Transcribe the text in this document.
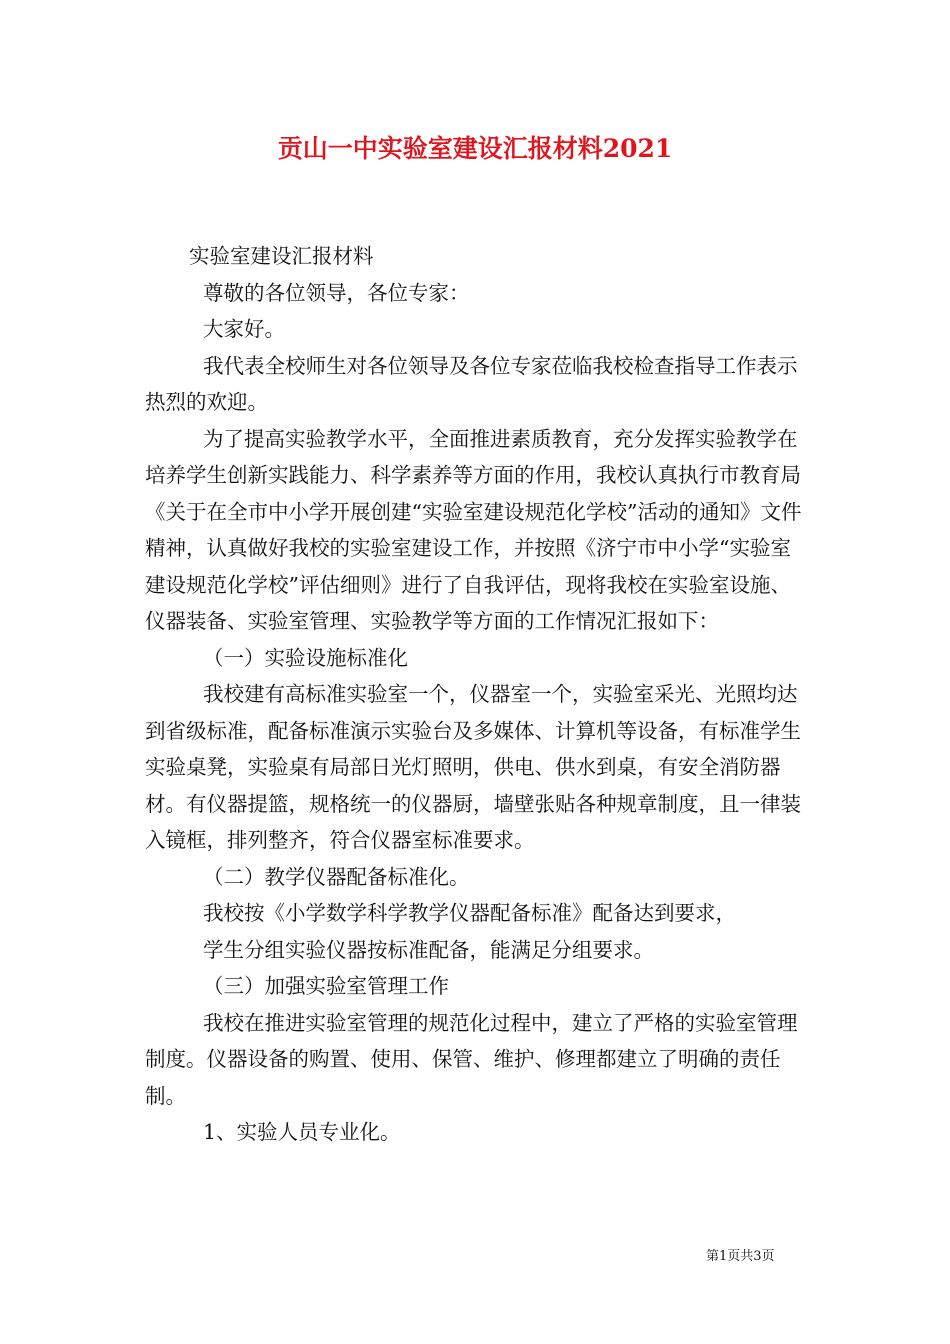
贡山一中实验室建设汇报材料2021

实验室建设汇报材料

尊敬的各位领导，各位专家：

大家好。

我代表全校师生对各位领导及各位专家莅临我校检查指导工作表示热烈的欢迎。

为了提高实验教学水平，全面推进素质教育，充分发挥实验教学在培养学生创新实践能力、科学素养等方面的作用，我校认真执行市教育局《关于在全市中小学开展创建“实验室建设规范化学校”活动的通知》文件精神，认真做好我校的实验室建设工作，并按照《济宁市中小学“实验室建设规范化学校”评估细则》进行了自我评估，现将我校在实验室设施、仪器装备、实验室管理、实验教学等方面的工作情况汇报如下：

（一）实验设施标准化

我校建有高标准实验室一个，仪器室一个，实验室采光、光照均达到省级标准，配备标准演示实验台及多媒体、计算机等设备，有标准学生实验桌凳，实验桌有局部日光灯照明，供电、供水到桌，有安全消防器材。有仪器提篮，规格统一的仪器厨，墙壁张贴各种规章制度，且一律装入镜框，排列整齐，符合仪器室标准要求。

（二）教学仪器配备标准化。

我校按《小学数学科学教学仪器配备标准》配备达到要求，

学生分组实验仪器按标准配备，能满足分组要求。

（三）加强实验室管理工作

我校在推进实验室管理的规范化过程中，建立了严格的实验室管理制度。仪器设备的购置、使用、保管、维护、修理都建立了明确的责任制。

1、实验人员专业化。

第1页共3页
